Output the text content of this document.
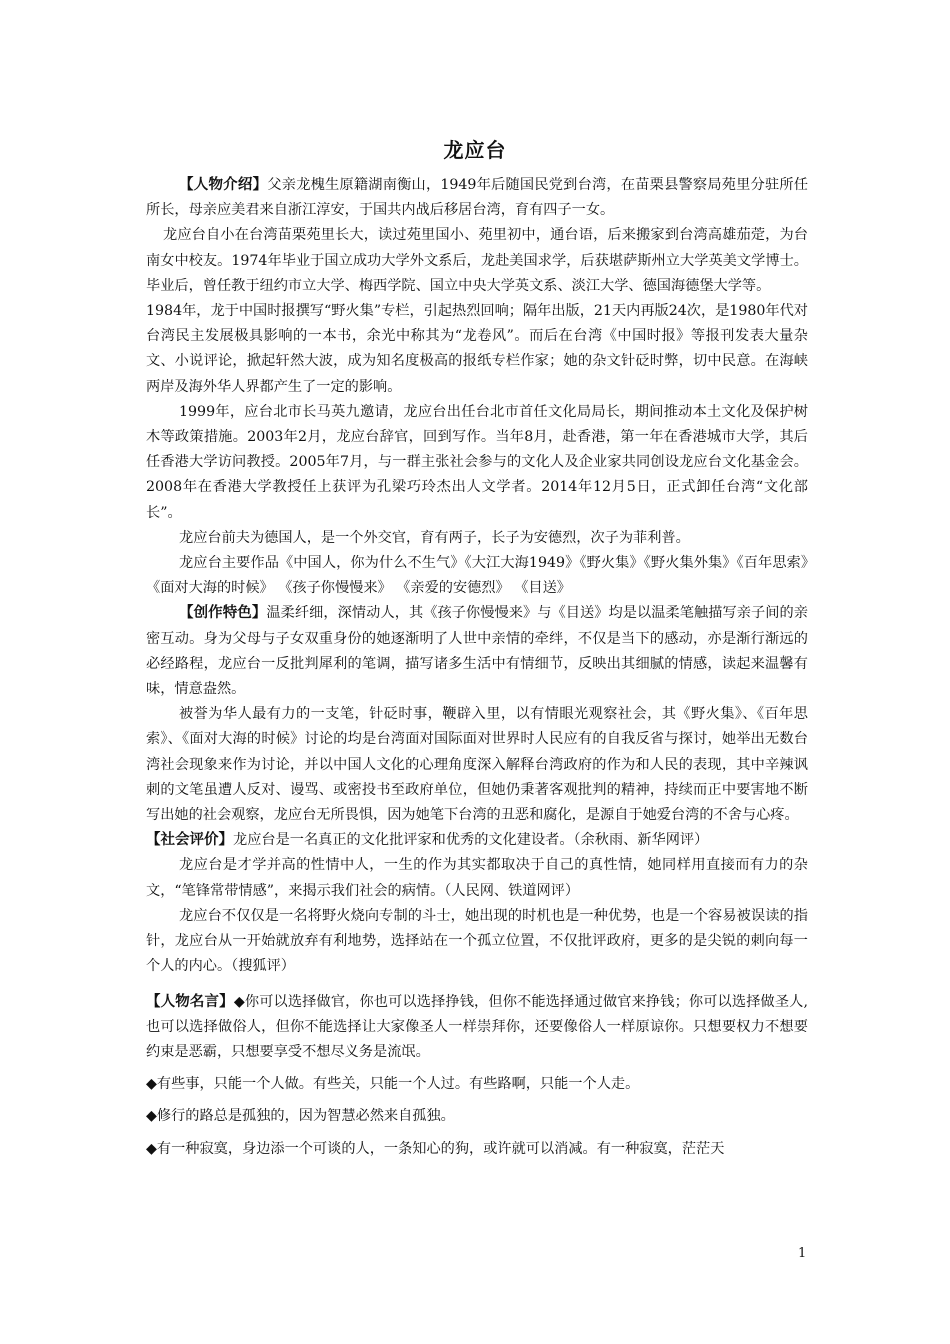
龙应台

【人物介绍】父亲龙槐生原籍湖南衡山，1949年后随国民党到台湾，在苗栗县警察局苑里分驻所任所长，母亲应美君来自浙江淳安，于国共内战后移居台湾，育有四子一女。

龙应台自小在台湾苗栗苑里长大，读过苑里国小、苑里初中，通台语，后来搬家到台湾高雄茄萣，为台南女中校友。1974年毕业于国立成功大学外文系后，龙赴美国求学，后获堪萨斯州立大学英美文学博士。毕业后，曾任教于纽约市立大学、梅西学院、国立中央大学英文系、淡江大学、德国海德堡大学等。

1984年，龙于中国时报撰写“野火集”专栏，引起热烈回响；隔年出版，21天内再版24次，是1980年代对台湾民主发展极具影响的一本书，余光中称其为“龙卷风”。而后在台湾《中国时报》等报刊发表大量杂文、小说评论，掀起轩然大波，成为知名度极高的报纸专栏作家；她的杂文针砭时弊，切中民意。在海峡两岸及海外华人界都产生了一定的影响。

1999年，应台北市长马英九邀请，龙应台出任台北市首任文化局局长，期间推动本土文化及保护树木等政策措施。2003年2月，龙应台辞官，回到写作。当年8月，赴香港，第一年在香港城市大学，其后任香港大学访问教授。2005年7月，与一群主张社会参与的文化人及企业家共同创设龙应台文化基金会。2008年在香港大学教授任上获评为孔梁巧玲杰出人文学者。2014年12月5日，正式卸任台湾“文化部长”。

龙应台前夫为德国人，是一个外交官，育有两子，长子为安德烈，次子为菲利普。

龙应台主要作品《中国人，你为什么不生气》《大江大海1949》《野火集》《野火集外集》《百年思索》《面对大海的时候》 《孩子你慢慢来》 《亲爱的安德烈》 《目送》

【创作特色】温柔纤细，深情动人，其《孩子你慢慢来》与《目送》均是以温柔笔触描写亲子间的亲密互动。身为父母与子女双重身份的她逐渐明了人世中亲情的牵绊，不仅是当下的感动，亦是渐行渐远的必经路程，龙应台一反批判犀利的笔调，描写诸多生活中有情细节，反映出其细腻的情感，读起来温馨有味，情意盎然。

被誉为华人最有力的一支笔，针砭时事，鞭辟入里，以有情眼光观察社会，其《野火集》、《百年思索》、《面对大海的时候》讨论的均是台湾面对国际面对世界时人民应有的自我反省与探讨，她举出无数台湾社会现象来作为讨论，并以中国人文化的心理角度深入解释台湾政府的作为和人民的表现，其中辛辣讽刺的文笔虽遭人反对、谩骂、或密投书至政府单位，但她仍秉著客观批判的精神，持续而正中要害地不断写出她的社会观察，龙应台无所畏惧，因为她笔下台湾的丑恶和腐化，是源自于她爱台湾的不舍与心疼。

【社会评价】龙应台是一名真正的文化批评家和优秀的文化建设者。（余秋雨、新华网评）

龙应台是才学并高的性情中人，一生的作为其实都取决于自己的真性情，她同样用直接而有力的杂文，“笔锋常带情感”，来揭示我们社会的病情。（人民网、铁道网评）

龙应台不仅仅是一名将野火烧向专制的斗士，她出现的时机也是一种优势，也是一个容易被误读的指针，龙应台从一开始就放弃有利地势，选择站在一个孤立位置，不仅批评政府，更多的是尖锐的刺向每一个人的内心。（搜狐评）

【人物名言】◆你可以选择做官，你也可以选择挣钱，但你不能选择通过做官来挣钱；你可以选择做圣人,也可以选择做俗人，但你不能选择让大家像圣人一样崇拜你，还要像俗人一样原谅你。只想要权力不想要约束是恶霸，只想要享受不想尽义务是流氓。

◆有些事，只能一个人做。有些关，只能一个人过。有些路啊，只能一个人走。

◆修行的路总是孤独的，因为智慧必然来自孤独。

◆有一种寂寞，身边添一个可谈的人，一条知心的狗，或许就可以消减。有一种寂寞，茫茫天

1
